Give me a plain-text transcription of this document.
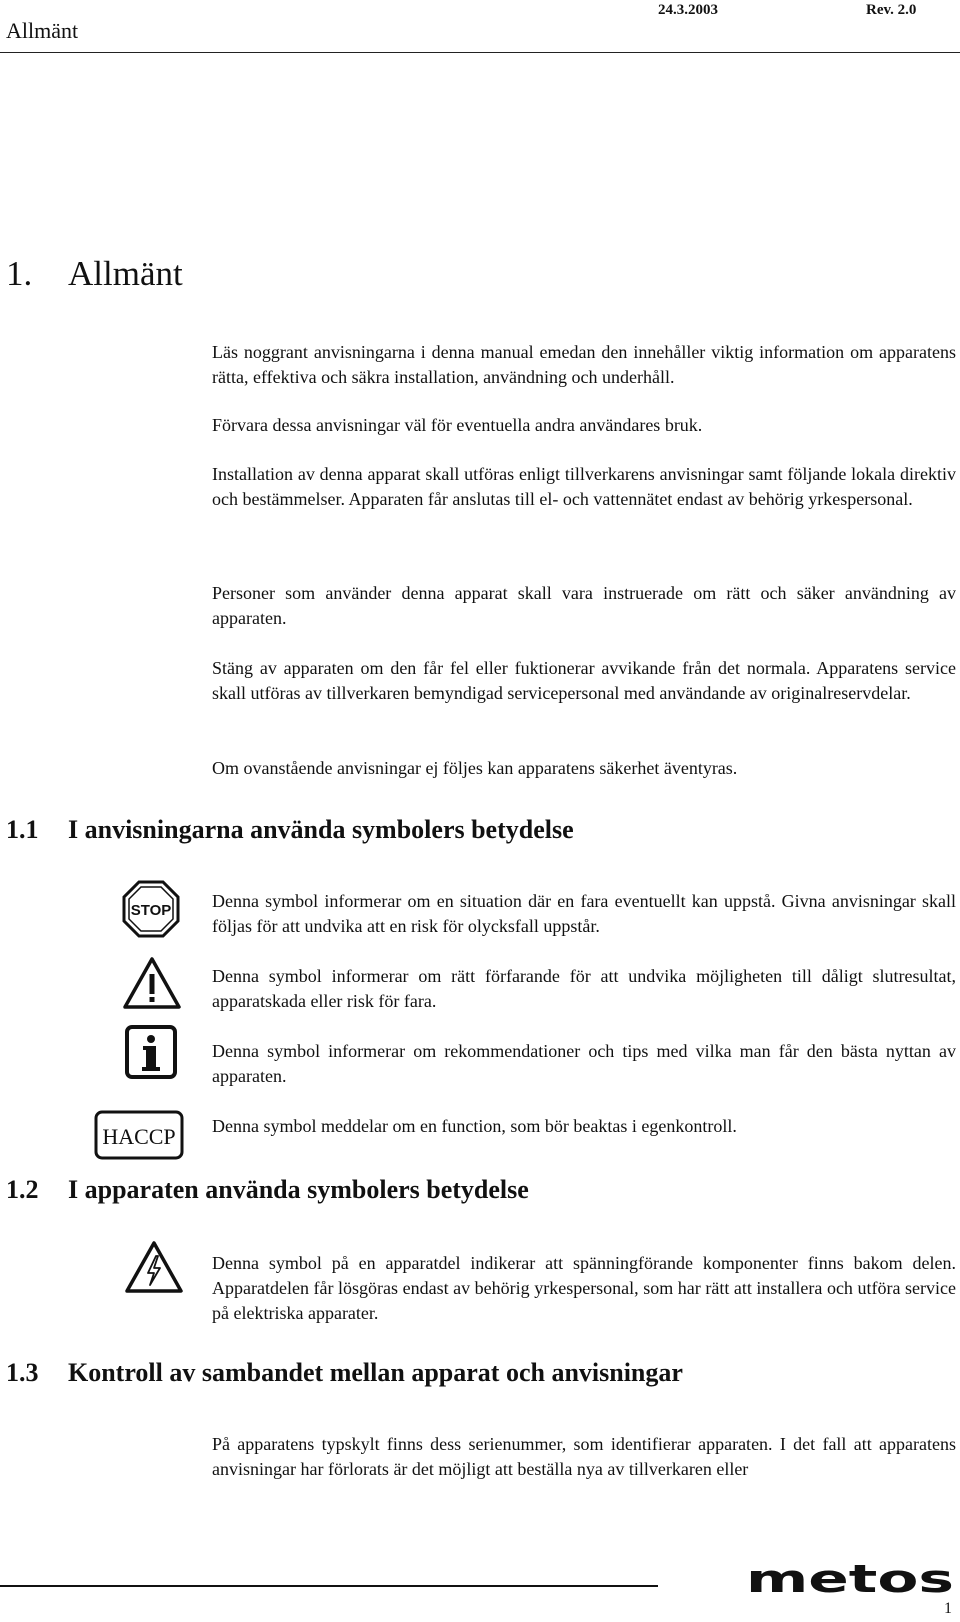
Allmänt
24.3.2003	Rev. 2.0
1. Allmänt
Läs noggrant anvisningarna i denna manual emedan den innehåller viktig information om apparatens rätta, effektiva och säkra installation, användning och underhåll.
Förvara dessa anvisningar väl för eventuella andra användares bruk.
Installation av denna apparat skall utföras enligt tillverkarens anvisningar samt följande lokala direktiv och bestämmelser. Apparaten får anslutas till el- och vattennätet endast av behörig yrkespersonal.
Personer som använder denna apparat skall vara instruerade om rätt och säker användning av apparaten.
Stäng av apparaten om den får fel eller fuktionerar avvikande från det normala. Apparatens service skall utföras av tillverkaren bemyndigad servicepersonal med användande av originalreservdelar.
Om ovanstående anvisningar ej följes kan apparatens säkerhet äventyras.
1.1 I anvisningarna använda symbolers betydelse
STOP Denna symbol informerar om en situation där en fara eventuellt kan uppstå. Givna anvisningar skall följas för att undvika att en risk för olycksfall uppstår.
Denna symbol informerar om rätt förfarande för att undvika möjligheten till dåligt slutresultat, apparatskada eller risk för fara.
Denna symbol informerar om rekommendationer och tips med vilka man får den bästa nyttan av apparaten.
HACCP Denna symbol meddelar om en function, som bör beaktas i egenkontroll.
1.2 I apparaten använda symbolers betydelse
Denna symbol på en apparatdel indikerar att spänningförande komponenter finns bakom delen. Apparatdelen får lösgöras endast av behörig yrkespersonal, som har rätt att installera och utföra service på elektriska apparater.
1.3 Kontroll av sambandet mellan apparat och anvisningar
På apparatens typskylt finns dess serienummer, som identifierar apparaten. I det fall att apparatens anvisningar har förlorats är det möjligt att beställa nya av tillverkaren eller
metos
1
